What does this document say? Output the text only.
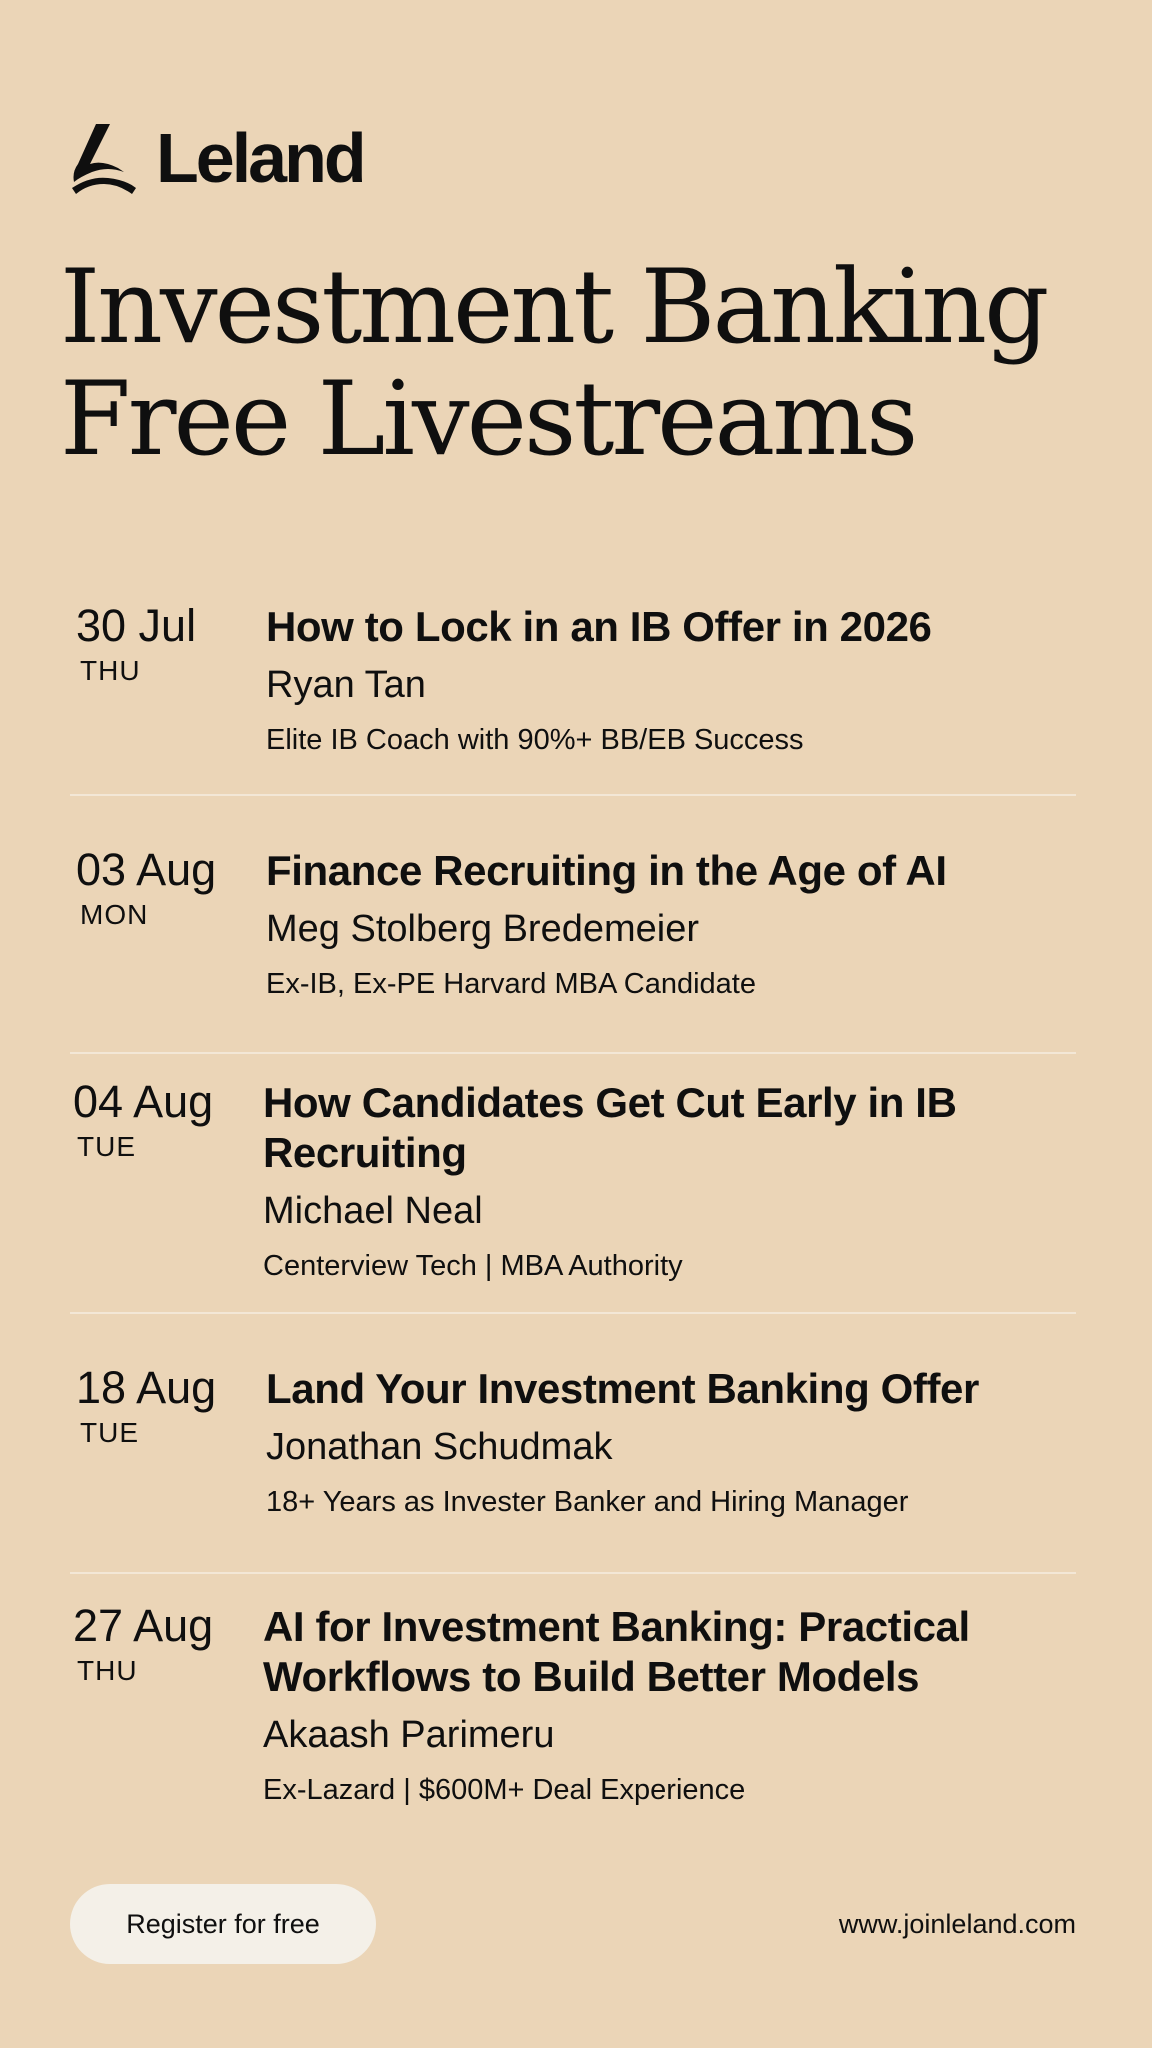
Leland
Investment Banking
Free Livestreams
30 Jul
THU
How to Lock in an IB Offer in 2026
Ryan Tan
Elite IB Coach with 90%+ BB/EB Success
03 Aug
MON
Finance Recruiting in the Age of AI
Meg Stolberg Bredemeier
Ex-IB, Ex-PE Harvard MBA Candidate
04 Aug
TUE
How Candidates Get Cut Early in IB Recruiting
Michael Neal
Centerview Tech | MBA Authority
18 Aug
TUE
Land Your Investment Banking Offer
Jonathan Schudmak
18+ Years as Invester Banker and Hiring Manager
27 Aug
THU
AI for Investment Banking: Practical Workflows to Build Better Models
Akaash Parimeru
Ex-Lazard | $600M+ Deal Experience
Register for free	www.joinleland.com
